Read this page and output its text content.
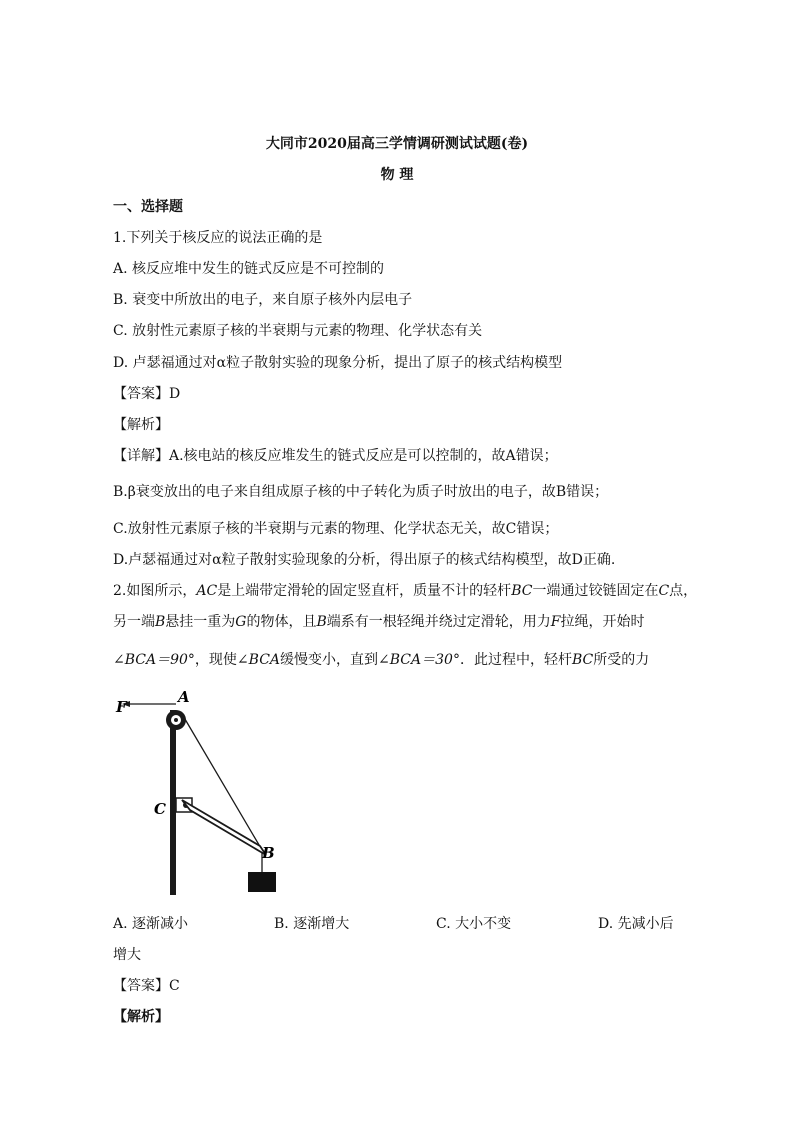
大同市2020届高三学情调研测试试题(卷)
物 理
一、选择题
1.下列关于核反应的说法正确的是
A. 核反应堆中发生的链式反应是不可控制的
B. 衰变中所放出的电子，来自原子核外内层电子
C. 放射性元素原子核的半衰期与元素的物理、化学状态有关
D. 卢瑟福通过对α粒子散射实验的现象分析，提出了原子的核式结构模型
【答案】D
【解析】
【详解】A.核电站的核反应堆发生的链式反应是可以控制的，故A错误；
B.β衰变放出的电子来自组成原子核的中子转化为质子时放出的电子，故B错误；
C.放射性元素原子核的半衰期与元素的物理、化学状态无关，故C错误；
D.卢瑟福通过对α粒子散射实验现象的分析，得出原子的核式结构模型，故D正确.
2.如图所示，AC是上端带定滑轮的固定竖直杆，质量不计的轻杆BC一端通过铰链固定在C点，
另一端B悬挂一重为G的物体，且B端系有一根轻绳并绕过定滑轮，用力F拉绳，开始时
∠BCA＝90°，现使∠BCA缓慢变小，直到∠BCA＝30°．此过程中，轻杆BC所受的力
F
A
C
B
A. 逐渐减小	B. 逐渐增大	C. 大小不变	D. 先减小后
增大
【答案】C
【解析】
